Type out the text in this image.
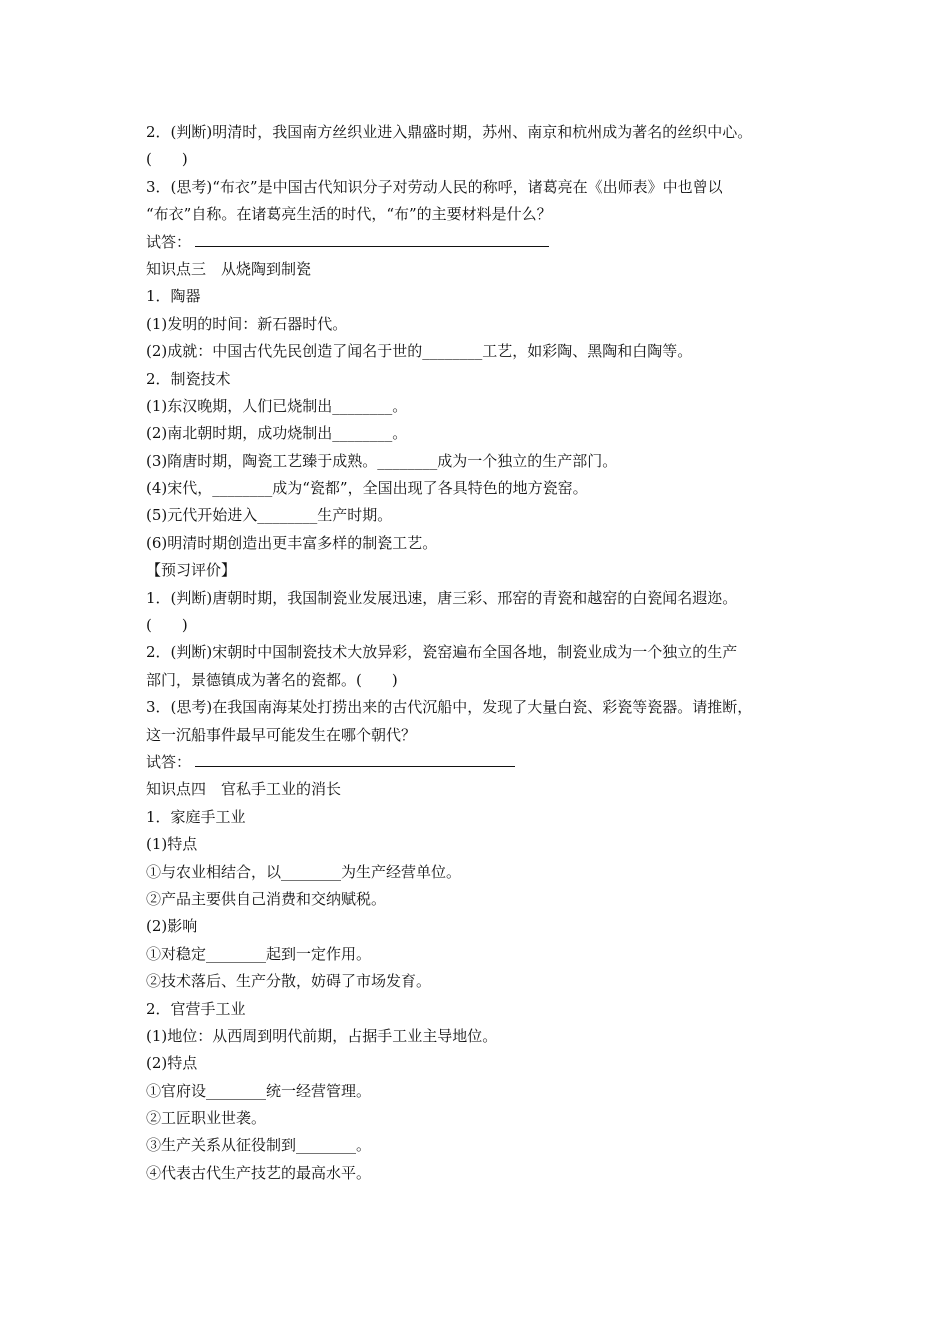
2．(判断)明清时，我国南方丝织业进入鼎盛时期，苏州、南京和杭州成为著名的丝织中心。
(　　)
3．(思考)“布衣”是中国古代知识分子对劳动人民的称呼，诸葛亮在《出师表》中也曾以
“布衣”自称。在诸葛亮生活的时代，“布”的主要材料是什么？
试答：
知识点三　从烧陶到制瓷
1．陶器
(1)发明的时间：新石器时代。
(2)成就：中国古代先民创造了闻名于世的________工艺，如彩陶、黑陶和白陶等。
2．制瓷技术
(1)东汉晚期，人们已烧制出________。
(2)南北朝时期，成功烧制出________。
(3)隋唐时期，陶瓷工艺臻于成熟。________成为一个独立的生产部门。
(4)宋代，________成为“瓷都”，全国出现了各具特色的地方瓷窑。
(5)元代开始进入________生产时期。
(6)明清时期创造出更丰富多样的制瓷工艺。
【预习评价】
1．(判断)唐朝时期，我国制瓷业发展迅速，唐三彩、邢窑的青瓷和越窑的白瓷闻名遐迩。
(　　)
2．(判断)宋朝时中国制瓷技术大放异彩，瓷窑遍布全国各地，制瓷业成为一个独立的生产
部门，景德镇成为著名的瓷都。(　　)
3．(思考)在我国南海某处打捞出来的古代沉船中，发现了大量白瓷、彩瓷等瓷器。请推断，
这一沉船事件最早可能发生在哪个朝代？
试答：
知识点四　官私手工业的消长
1．家庭手工业
(1)特点
①与农业相结合，以________为生产经营单位。
②产品主要供自己消费和交纳赋税。
(2)影响
①对稳定________起到一定作用。
②技术落后、生产分散，妨碍了市场发育。
2．官营手工业
(1)地位：从西周到明代前期，占据手工业主导地位。
(2)特点
①官府设________统一经营管理。
②工匠职业世袭。
③生产关系从征役制到________。
④代表古代生产技艺的最高水平。
